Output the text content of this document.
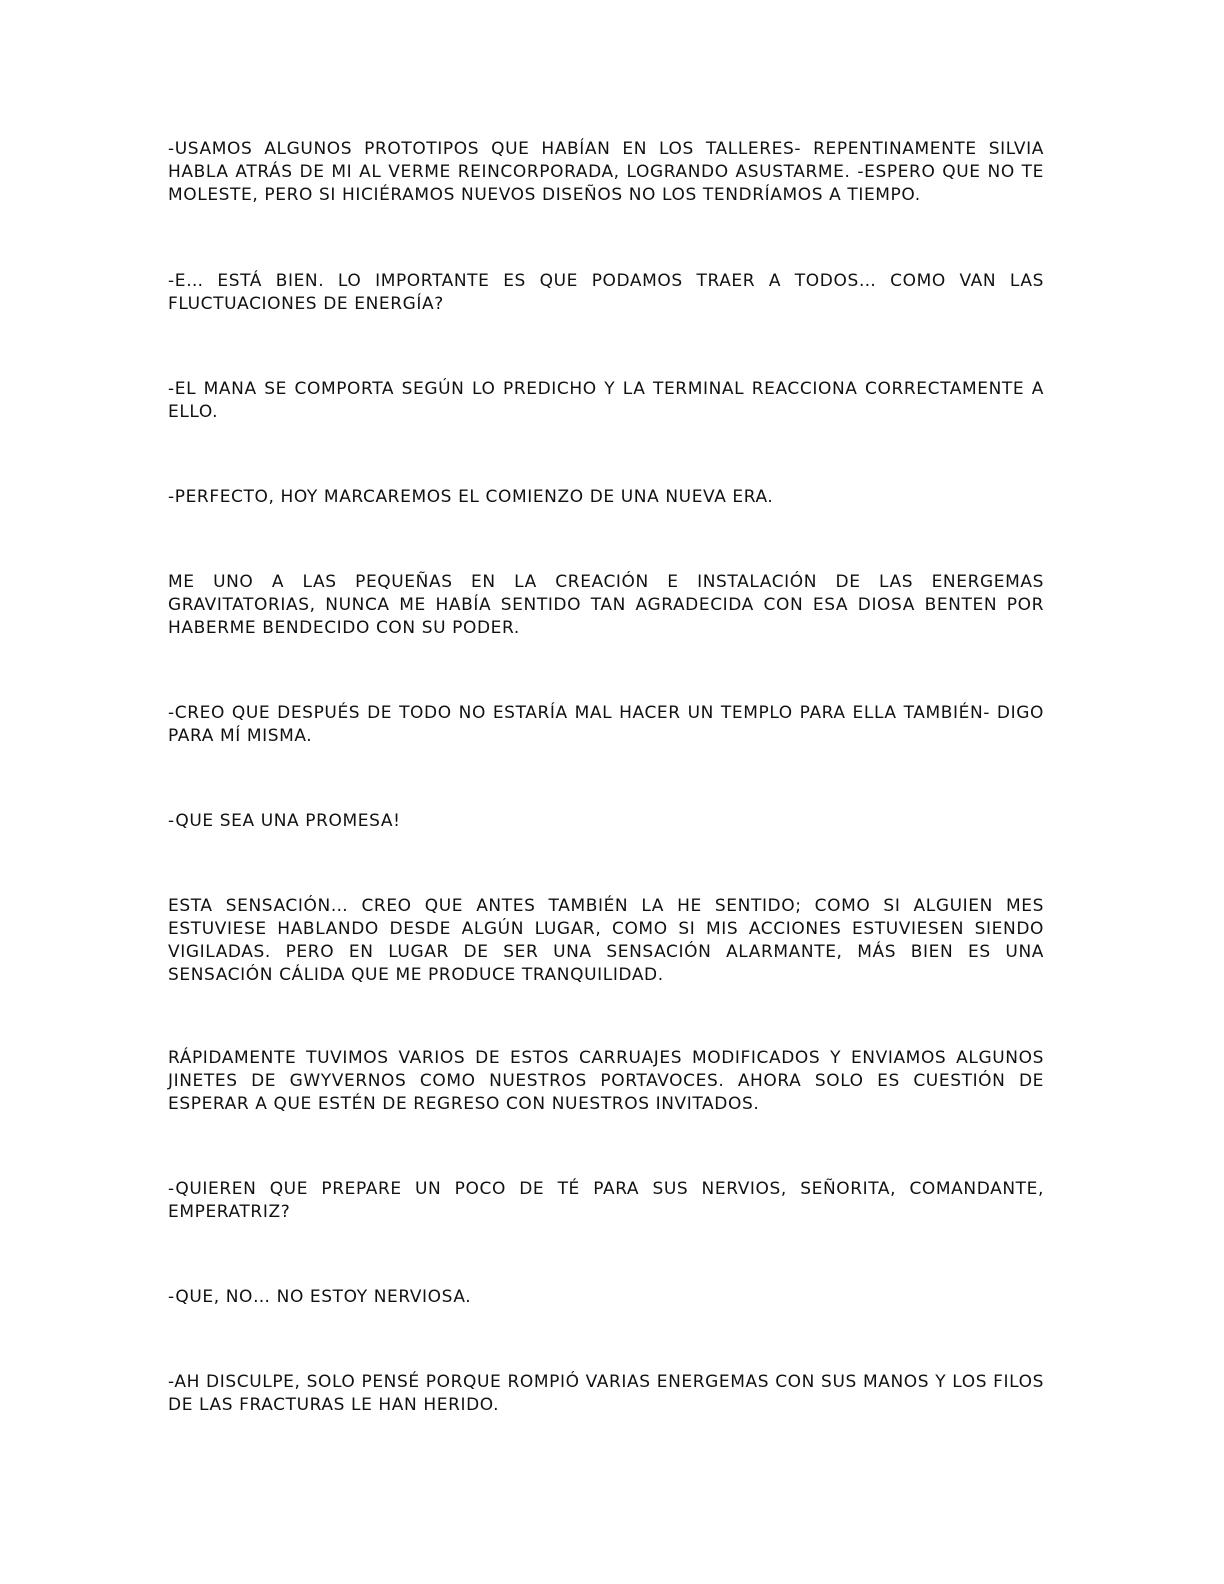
-USAMOS ALGUNOS PROTOTIPOS QUE HABÍAN EN LOS TALLERES- REPENTINAMENTE SILVIA HABLA ATRÁS DE MI AL VERME REINCORPORADA, LOGRANDO ASUSTARME. -ESPERO QUE NO TE MOLESTE, PERO SI HICIÉRAMOS NUEVOS DISEÑOS NO LOS TENDRÍAMOS A TIEMPO.

-E… ESTÁ BIEN. LO IMPORTANTE ES QUE PODAMOS TRAER A TODOS… COMO VAN LAS FLUCTUACIONES DE ENERGÍA?

-EL MANA SE COMPORTA SEGÚN LO PREDICHO Y LA TERMINAL REACCIONA CORRECTAMENTE A ELLO.

-PERFECTO, HOY MARCAREMOS EL COMIENZO DE UNA NUEVA ERA.

ME UNO A LAS PEQUEÑAS EN LA CREACIÓN E INSTALACIÓN DE LAS ENERGEMAS GRAVITATORIAS, NUNCA ME HABÍA SENTIDO TAN AGRADECIDA CON ESA DIOSA BENTEN POR HABERME BENDECIDO CON SU PODER.

-CREO QUE DESPUÉS DE TODO NO ESTARÍA MAL HACER UN TEMPLO PARA ELLA TAMBIÉN- DIGO PARA MÍ MISMA.

-QUE SEA UNA PROMESA!

ESTA SENSACIÓN… CREO QUE ANTES TAMBIÉN LA HE SENTIDO; COMO SI ALGUIEN MES ESTUVIESE HABLANDO DESDE ALGÚN LUGAR, COMO SI MIS ACCIONES ESTUVIESEN SIENDO VIGILADAS. PERO EN LUGAR DE SER UNA SENSACIÓN ALARMANTE, MÁS BIEN ES UNA SENSACIÓN CÁLIDA QUE ME PRODUCE TRANQUILIDAD.

RÁPIDAMENTE TUVIMOS VARIOS DE ESTOS CARRUAJES MODIFICADOS Y ENVIAMOS ALGUNOS JINETES DE GWYVERNOS COMO NUESTROS PORTAVOCES. AHORA SOLO ES CUESTIÓN DE ESPERAR A QUE ESTÉN DE REGRESO CON NUESTROS INVITADOS.

-QUIEREN QUE PREPARE UN POCO DE TÉ PARA SUS NERVIOS, SEÑORITA, COMANDANTE, EMPERATRIZ?

-QUE, NO… NO ESTOY NERVIOSA.

-AH DISCULPE, SOLO PENSÉ PORQUE ROMPIÓ VARIAS ENERGEMAS CON SUS MANOS Y LOS FILOS DE LAS FRACTURAS LE HAN HERIDO.
